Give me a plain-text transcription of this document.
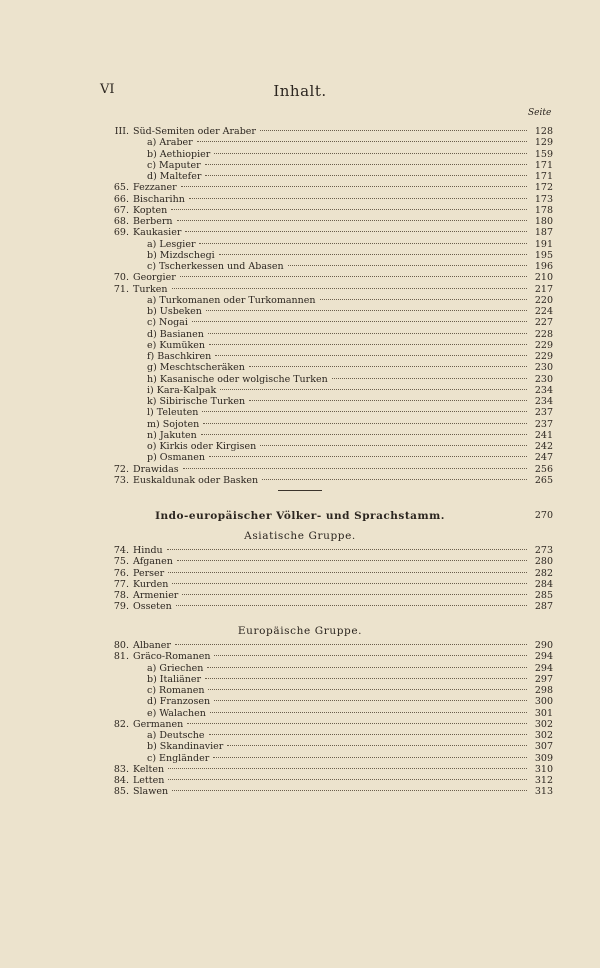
VI	Inhalt.
Seite
III. Süd-Semiten oder Araber	128
a) Araber	129
b) Aethiopier	159
c) Maputer	171
d) Maltefer	171
65. Fezzaner	172
66. Bischarihn	173
67. Kopten	178
68. Berbern	180
69. Kaukasier	187
a) Lesgier	191
b) Mizdschegi	195
c) Tscherkessen und Abasen	196
70. Georgier	210
71. Turken	217
a) Turkomanen oder Turkomannen	220
b) Usbeken	224
c) Nogai	227
d) Basianen	228
e) Kumüken	229
f) Baschkiren	229
g) Meschtscheräken	230
h) Kasanische oder wolgische Turken	230
i) Kara-Kalpak	234
k) Sibirische Turken	234
l) Teleuten	237
m) Sojoten	237
n) Jakuten	241
o) Kirkis oder Kirgisen	242
p) Osmanen	247
72. Drawidas	256
73. Euskaldunak oder Basken	265
Indo-europäischer Völker- und Sprachstamm.	270
Asiatische Gruppe.
74. Hindu	273
75. Afganen	280
76. Perser	282
77. Kurden	284
78. Armenier	285
79. Osseten	287
Europäische Gruppe.
80. Albaner	290
81. Gräco-Romanen	294
a) Griechen	294
b) Italiäner	297
c) Romanen	298
d) Franzosen	300
e) Walachen	301
82. Germanen	302
a) Deutsche	302
b) Skandinavier	307
c) Engländer	309
83. Kelten	310
84. Letten	312
85. Slawen	313
